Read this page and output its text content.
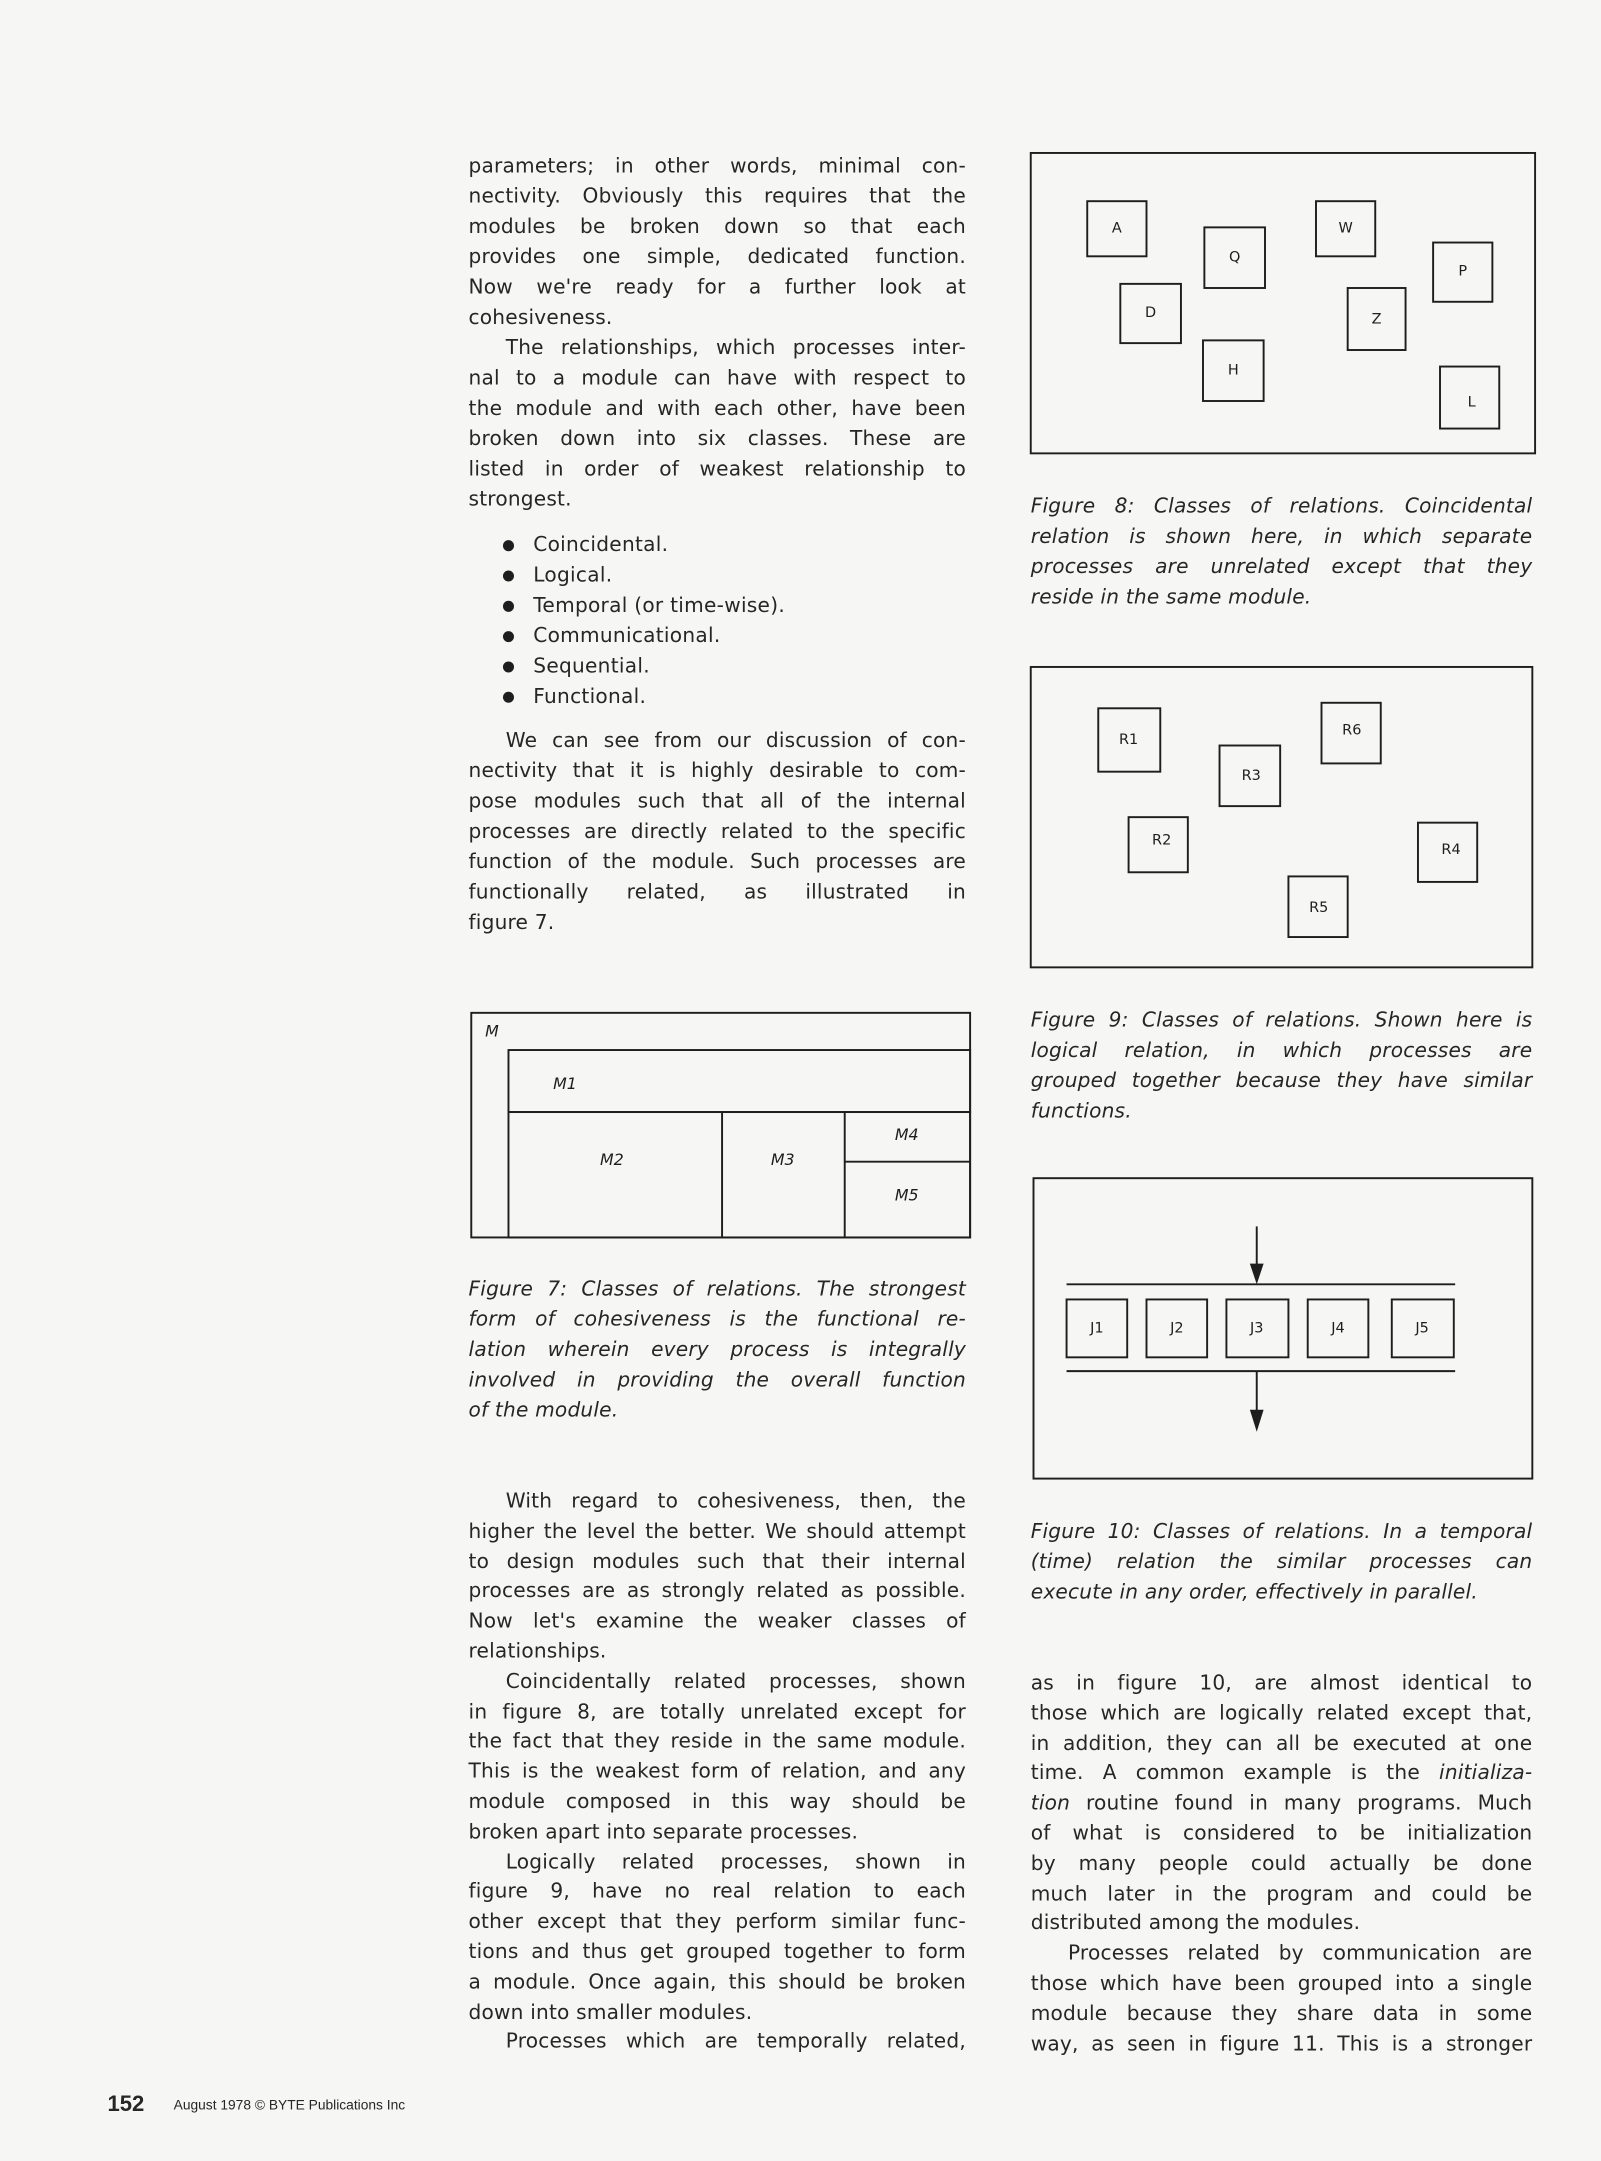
parameters; in other words, minimal con-
nectivity. Obviously this requires that the
modules be broken down so that each
provides one simple, dedicated function.
Now we're ready for a further look at
cohesiveness.
The relationships, which processes inter-
nal to a module can have with respect to
the module and with each other, have been
broken down into six classes. These are
listed in order of weakest relationship to
strongest.
Coincidental.
Logical.
Temporal (or time-wise).
Communicational.
Sequential.
Functional.
We can see from our discussion of con-
nectivity that it is highly desirable to com-
pose modules such that all of the internal
processes are directly related to the specific
function of the module. Such processes are
functionally related, as illustrated in
figure 7.
M
M1
M2	M3
M4
M5
Figure 7: Classes of relations. The strongest
form of cohesiveness is the functional re-
lation wherein every process is integrally
involved in providing the overall function
of the module.
With regard to cohesiveness, then, the
higher the level the better. We should attempt
to design modules such that their internal
processes are as strongly related as possible.
Now let's examine the weaker classes of
relationships.
Coincidentally related processes, shown
in figure 8, are totally unrelated except for
the fact that they reside in the same module.
This is the weakest form of relation, and any
module composed in this way should be
broken apart into separate processes.
Logically related processes, shown in
figure 9, have no real relation to each
other except that they perform similar func-
tions and thus get grouped together to form
a module. Once again, this should be broken
down into smaller modules.
Processes which are temporally related,
A
Q
W
P
D	Z
H
L
Figure 8: Classes of relations. Coincidental
relation is shown here, in which separate
processes are unrelated except that they
reside in the same module.
R1
R3
R6
R2
R4
R5
Figure 9: Classes of relations. Shown here is
logical relation, in which processes are
grouped together because they have similar
functions.
J1	J2	J3	J4	J5
Figure 10: Classes of relations. In a temporal
(time) relation the similar processes can
execute in any order, effectively in parallel.
as in figure 10, are almost identical to
those which are logically related except that,
in addition, they can all be executed at one
time. A common example is the initializa-
tion routine found in many programs. Much
of what is considered to be initialization
by many people could actually be done
much later in the program and could be
distributed among the modules.
Processes related by communication are
those which have been grouped into a single
module because they share data in some
way, as seen in figure 11. This is a stronger
152	August 1978 © BYTE Publications Inc
